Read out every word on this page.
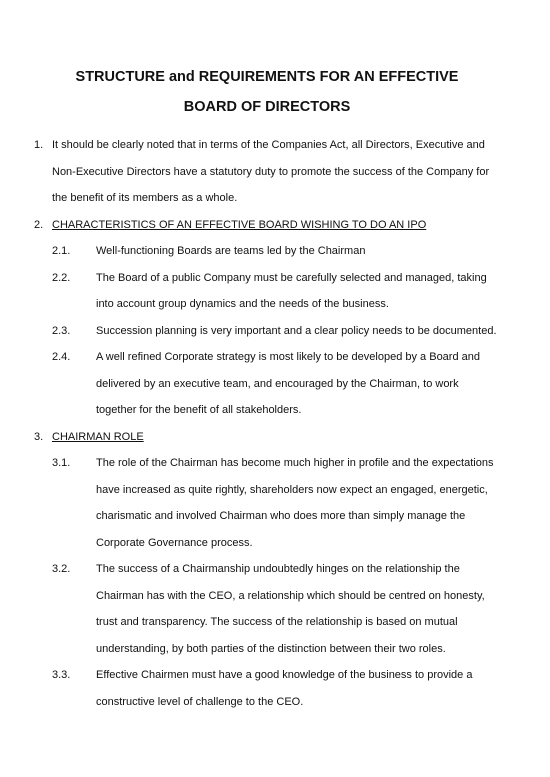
STRUCTURE and REQUIREMENTS FOR AN EFFECTIVE
BOARD OF DIRECTORS
1. It should be clearly noted that in terms of the Companies Act, all Directors, Executive and Non-Executive Directors have a statutory duty to promote the success of the Company for the benefit of its members as a whole.
2. CHARACTERISTICS OF AN EFFECTIVE BOARD WISHING TO DO AN IPO
2.1. Well-functioning Boards are teams led by the Chairman
2.2. The Board of a public Company must be carefully selected and managed, taking into account group dynamics and the needs of the business.
2.3. Succession planning is very important and a clear policy needs to be documented.
2.4. A well refined Corporate strategy is most likely to be developed by a Board and delivered by an executive team, and encouraged by the Chairman, to work together for the benefit of all stakeholders.
3. CHAIRMAN ROLE
3.1. The role of the Chairman has become much higher in profile and the expectations have increased as quite rightly, shareholders now expect an engaged, energetic, charismatic and involved Chairman who does more than simply manage the Corporate Governance process.
3.2. The success of a Chairmanship undoubtedly hinges on the relationship the Chairman has with the CEO, a relationship which should be centred on honesty, trust and transparency. The success of the relationship is based on mutual understanding, by both parties of the distinction between their two roles.
3.3. Effective Chairmen must have a good knowledge of the business to provide a constructive level of challenge to the CEO.
